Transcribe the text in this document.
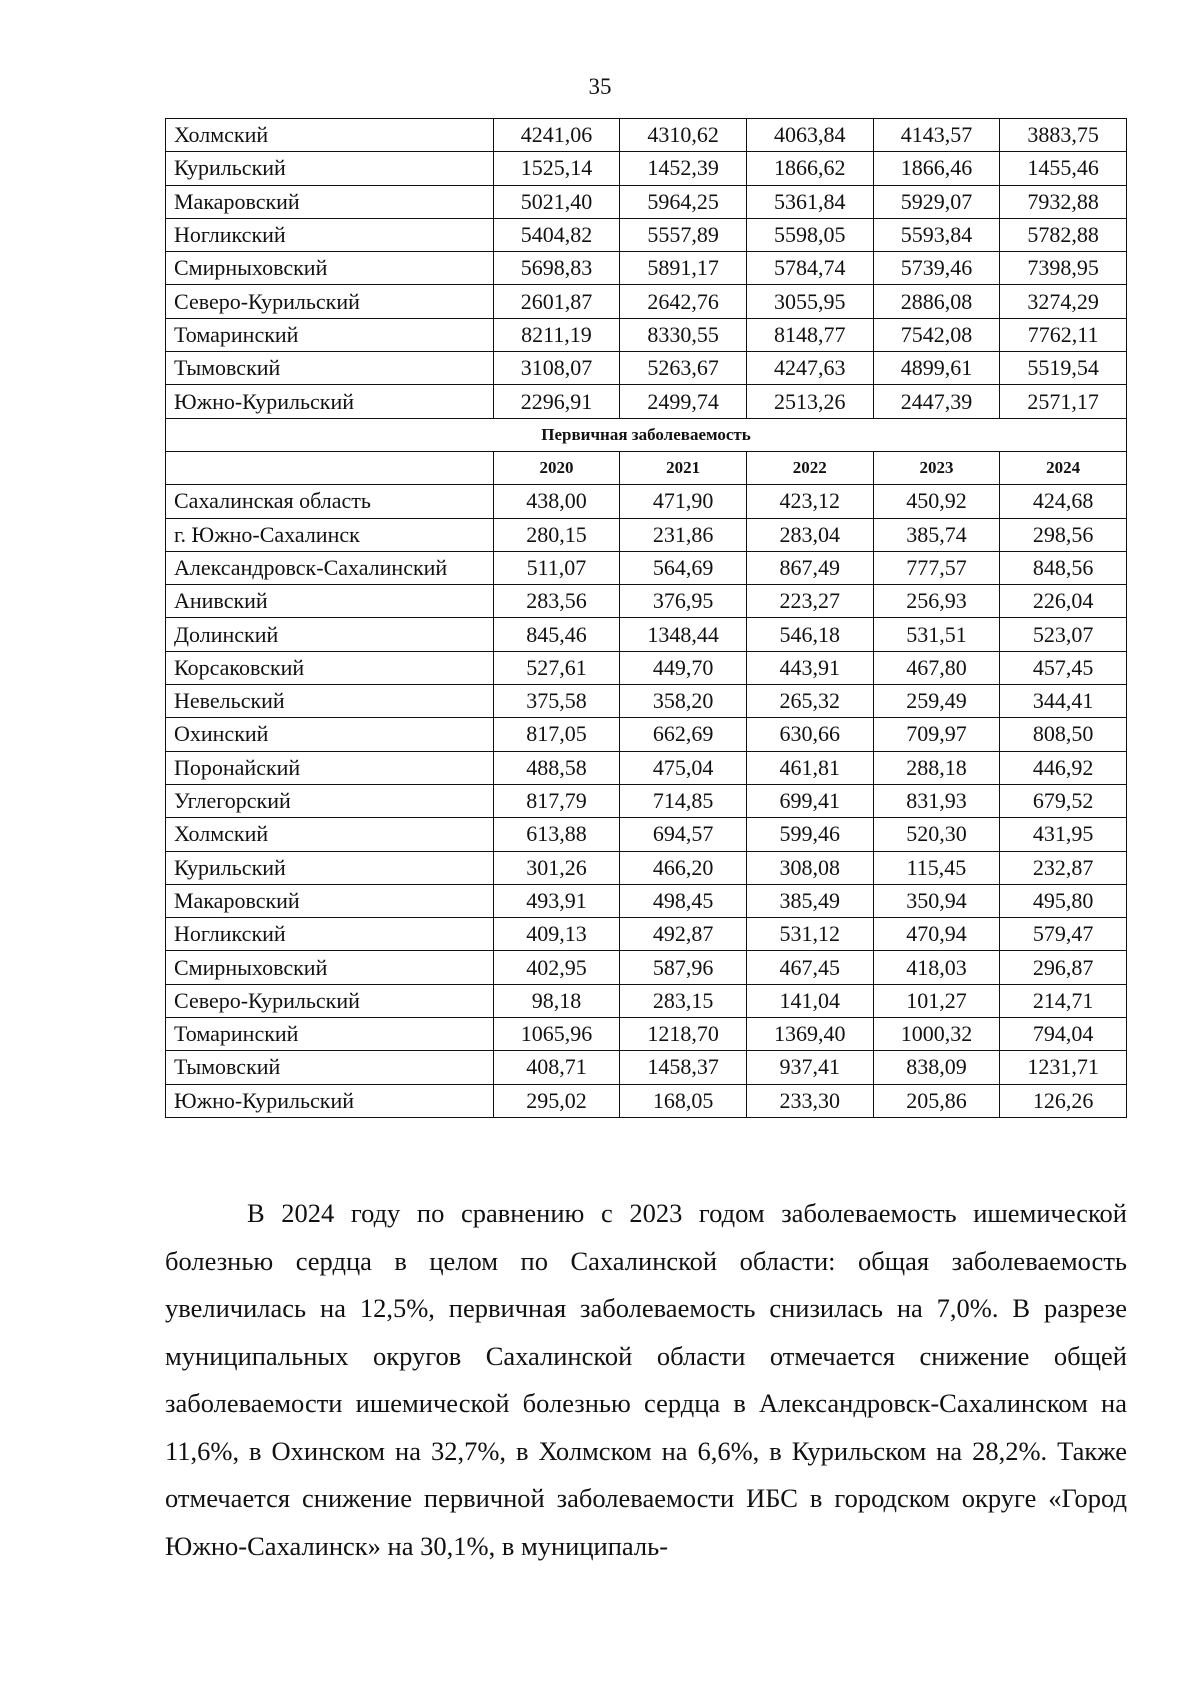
35
Холмский	4241,06	4310,62	4063,84	4143,57	3883,75
Курильский	1525,14	1452,39	1866,62	1866,46	1455,46
Макаровский	5021,40	5964,25	5361,84	5929,07	7932,88
Ногликский	5404,82	5557,89	5598,05	5593,84	5782,88
Смирныховский	5698,83	5891,17	5784,74	5739,46	7398,95
Северо-Курильский	2601,87	2642,76	3055,95	2886,08	3274,29
Томаринский	8211,19	8330,55	8148,77	7542,08	7762,11
Тымовский	3108,07	5263,67	4247,63	4899,61	5519,54
Южно-Курильский	2296,91	2499,74	2513,26	2447,39	2571,17
Первичная заболеваемость					
	2020	2021	2022	2023	2024
Сахалинская область	438,00	471,90	423,12	450,92	424,68
г. Южно-Сахалинск	280,15	231,86	283,04	385,74	298,56
Александровск-Сахалинский	511,07	564,69	867,49	777,57	848,56
Анивский	283,56	376,95	223,27	256,93	226,04
Долинский	845,46	1348,44	546,18	531,51	523,07
Корсаковский	527,61	449,70	443,91	467,80	457,45
Невельский	375,58	358,20	265,32	259,49	344,41
Охинский	817,05	662,69	630,66	709,97	808,50
Поронайский	488,58	475,04	461,81	288,18	446,92
Углегорский	817,79	714,85	699,41	831,93	679,52
Холмский	613,88	694,57	599,46	520,30	431,95
Курильский	301,26	466,20	308,08	115,45	232,87
Макаровский	493,91	498,45	385,49	350,94	495,80
Ногликский	409,13	492,87	531,12	470,94	579,47
Смирныховский	402,95	587,96	467,45	418,03	296,87
Северо-Курильский	98,18	283,15	141,04	101,27	214,71
Томаринский	1065,96	1218,70	1369,40	1000,32	794,04
Тымовский	408,71	1458,37	937,41	838,09	1231,71
Южно-Курильский	295,02	168,05	233,30	205,86	126,26
В 2024 году по сравнению с 2023 годом заболеваемость ишемической болезнью сердца в целом по Сахалинской области: общая заболеваемость увеличилась на 12,5%, первичная заболеваемость снизилась на 7,0%. В разрезе муниципальных округов Сахалинской области отмечается снижение общей заболеваемости ишемической болезнью сердца в Александровск-Сахалинском на 11,6%, в Охинском на 32,7%, в Холмском на 6,6%, в Курильском на 28,2%. Также отмечается снижение первичной заболеваемости ИБС в городском округе «Город Южно-Сахалинск» на 30,1%, в муниципаль-
